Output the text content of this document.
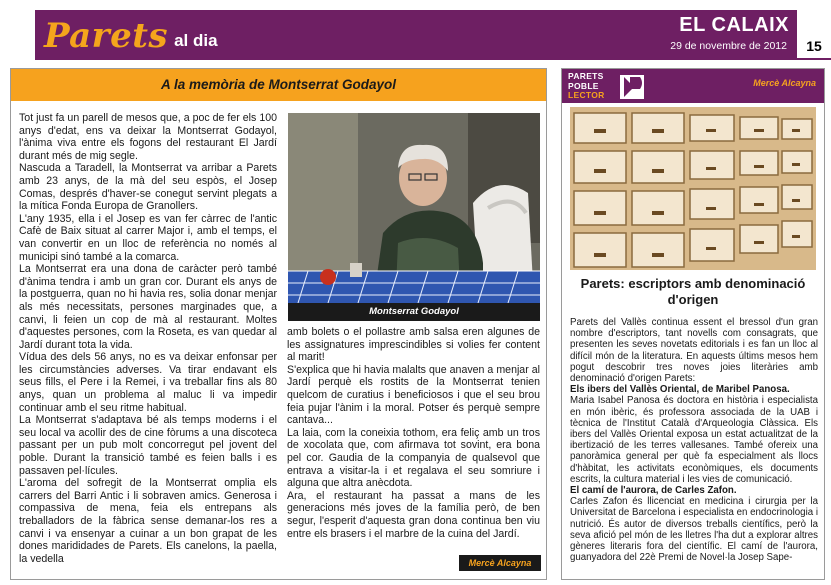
Parets al dia
EL CALAIX
29 de novembre de 2012	15
A la memòria de Montserrat Godayol

Tot just fa un parell de mesos que, a poc de fer els 100 anys d'edat, ens va deixar la Montserrat Godayol, l'ànima viva entre els fogons del restaurant El Jardí durant més de mig segle.

Nascuda a Taradell, la Montserrat va arribar a Parets amb 23 anys, de la mà del seu espòs, el Josep Comas, després d'haver-se conegut servint plegats a la mítica Fonda Europa de Granollers.

L'any 1935, ella i el Josep es van fer càrrec de l'antic Cafè de Baix situat al carrer Major i, amb el temps, el van convertir en un lloc de referència no només al municipi sinó també a la comarca.

La Montserrat era una dona de caràcter però també d'ànima tendra i amb un gran cor. Durant els anys de la postguerra, quan no hi havia res, solia donar menjar als més necessitats, persones marginades que, a canvi, li feien un cop de mà al restaurant. Moltes d'aquestes persones, com la Roseta, es van quedar al Jardí durant tota la vida.

Vídua des dels 56 anys, no es va deixar enfonsar per les circumstàncies adverses. Va tirar endavant els seus fills, el Pere i la Remei, i va treballar fins als 80 anys, quan un problema al maluc li va impedir continuar amb el seu ritme habitual.

La Montserrat s'adaptava bé als temps moderns i el seu local va acollir des de cine fòrums a una discoteca passant per un pub molt concorregut pel jovent del poble. Durant la transició també es feien balls i es passaven pel·lícules.

L'aroma del sofregit de la Montserrat omplia els carrers del Barri Antic i li sobraven amics. Generosa i compassiva de mena, feia els entrepans als treballadors de la fàbrica sense demanar-los res a canvi i va ensenyar a cuinar a un bon grapat de les dones marididades de Parets. Els canelons, la paella, la vedella

Montserrat Godayol

amb bolets o el pollastre amb salsa eren algunes de les assignatures imprescindibles si volies fer content al marit!

S'explica que hi havia malalts que anaven a menjar al Jardí perquè els rostits de la Montserrat tenien quelcom de curatius i beneficiosos i que el seu brou feia pujar l'ànim i la moral. Potser és perquè sempre cantava...

La laia, com la coneixia tothom, era feliç amb un tros de xocolata que, com afirmava tot sovint, era bona pel cor. Gaudia de la companyia de qualsevol que entrava a visitar-la i et regalava el seu somriure i alguna que altra anècdota.

Ara, el restaurant ha passat a mans de les generacions més joves de la família però, de ben segur, l'esperit d'aquesta gran dona continua ben viu entre els brasers i el marbre de la cuina del Jardí.

Mercè Alcayna
PARETS
POBLE
LECTOR
Mercè Alcayna
Parets: escriptors amb denominació d'origen

Parets del Vallès continua essent el bressol d'un gran nombre d'escriptors, tant novells com consagrats, que presenten les seves novetats editorials i es fan un lloc al difícil món de la literatura. En aquests últims mesos hem pogut descobrir tres noves joies literàries amb denominació d'origen Parets:

Els ibers del Vallès Oriental, de Maribel Panosa.

Maria Isabel Panosa és doctora en història i especialista en món ibèric, és professora associada de la UAB i tècnica de l'Institut Català d'Arqueologia Clàssica. Els ibers del Vallès Oriental exposa un estat actualitzat de la ibertizació de les terres vallesanes. També ofereix una panoràmica general per què fa especialment als llocs d'hàbitat, les activitats econòmiques, els documents escrits, la cultura material i les vies de comunicació.

El camí de l'aurora, de Carles Zafon.

Carles Zafon és llicenciat en medicina i cirurgia per la Universitat de Barcelona i especialista en endocrinologia i nutrició. És autor de diversos treballs científics, però la seva afició pel món de les lletres l'ha dut a explorar altres gèneres literaris fora del científic. El camí de l'aurora, guanyadora del 22è Premi de Novel·la Josep Sape-
